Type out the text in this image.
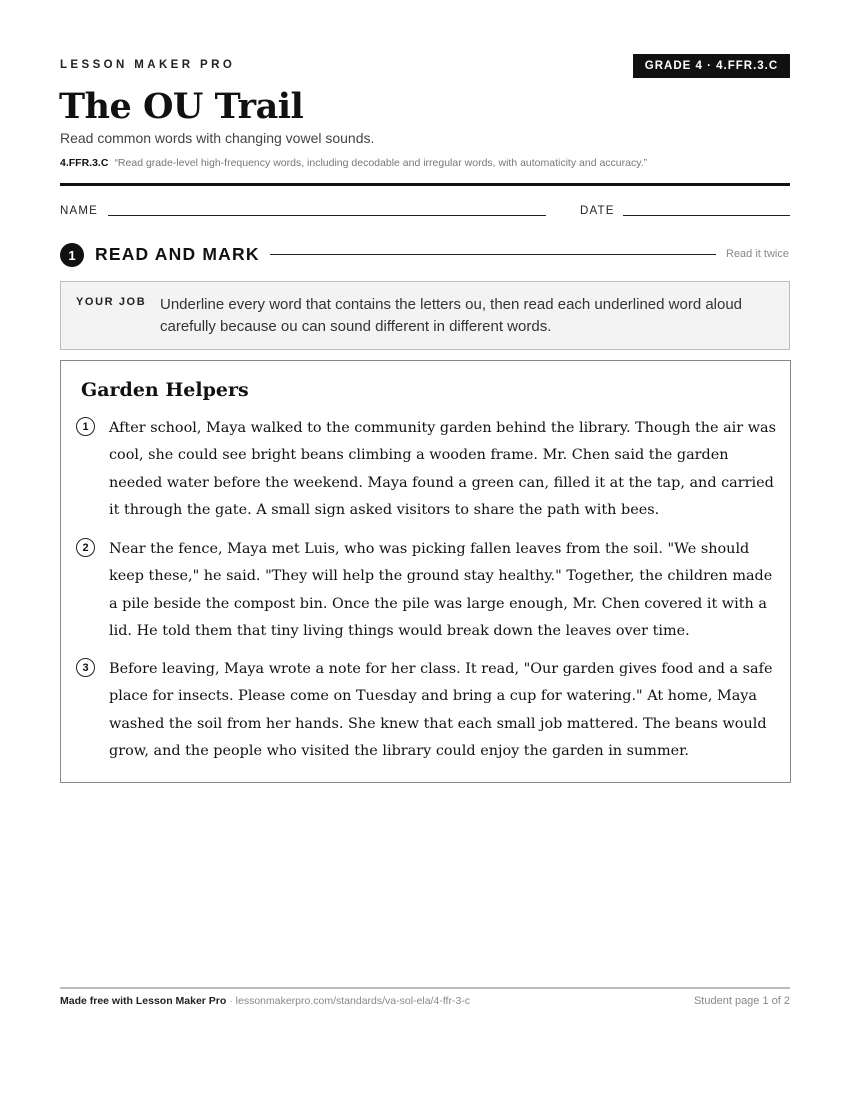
LESSON MAKER PRO	GRADE 4 · 4.FFR.3.C
The OU Trail
Read common words with changing vowel sounds.
4.FFR.3.C “Read grade-level high-frequency words, including decodable and irregular words, with automaticity and accuracy.”
NAME	DATE
1	READ AND MARK	Read it twice
YOUR JOB Underline every word that contains the letters ou, then read each underlined word aloud carefully because ou can sound different in different words.
Garden Helpers
1	After school, Maya walked to the community garden behind the library. Though the air was cool, she could see bright beans climbing a wooden frame. Mr. Chen said the garden needed water before the weekend. Maya found a green can, filled it at the tap, and carried it through the gate. A small sign asked visitors to share the path with bees.
2	Near the fence, Maya met Luis, who was picking fallen leaves from the soil. "We should keep these," he said. "They will help the ground stay healthy." Together, the children made a pile beside the compost bin. Once the pile was large enough, Mr. Chen covered it with a lid. He told them that tiny living things would break down the leaves over time.
3	Before leaving, Maya wrote a note for her class. It read, "Our garden gives food and a safe place for insects. Please come on Tuesday and bring a cup for watering." At home, Maya washed the soil from her hands. She knew that each small job mattered. The beans would grow, and the people who visited the library could enjoy the garden in summer.
Made free with Lesson Maker Pro · lessonmakerpro.com/standards/va-sol-ela/4-ffr-3-c	Student page 1 of 2
